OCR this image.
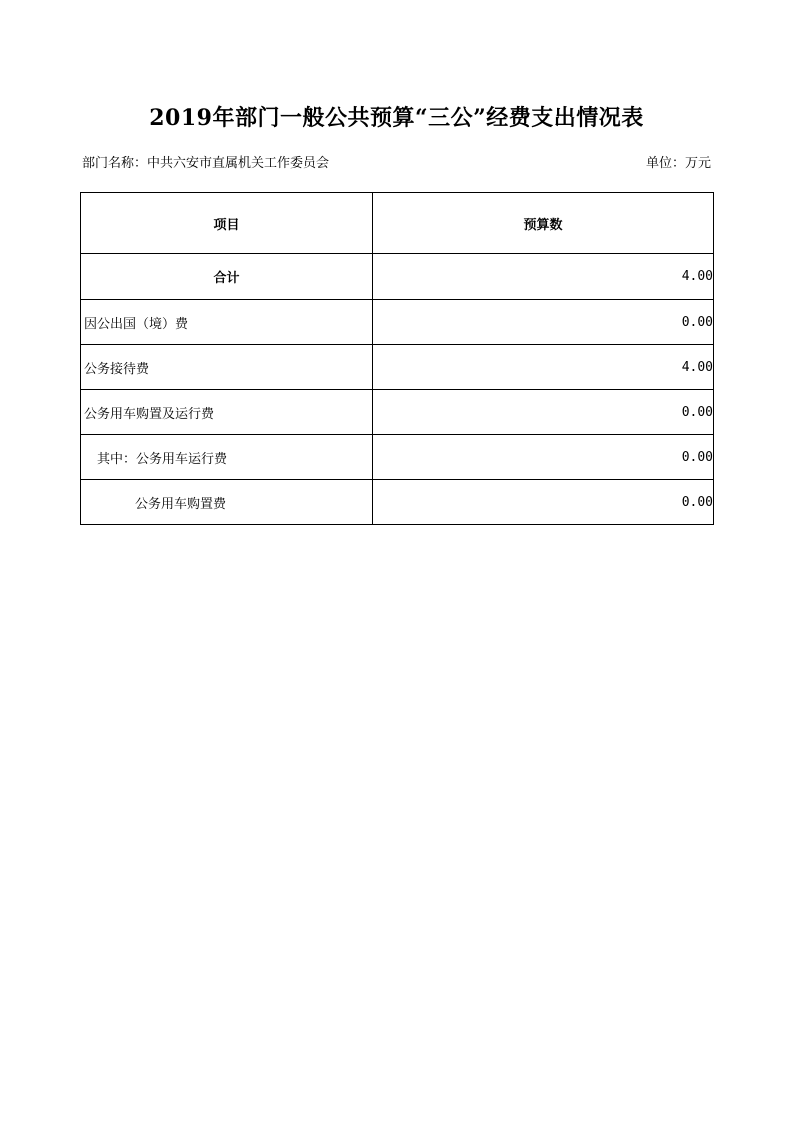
2019年部门一般公共预算“三公”经费支出情况表
部门名称：中共六安市直属机关工作委员会	单位：万元
项目	预算数
合计	4.00
因公出国（境）费	0.00
公务接待费	4.00
公务用车购置及运行费	0.00
其中：公务用车运行费	0.00
公务用车购置费	0.00
